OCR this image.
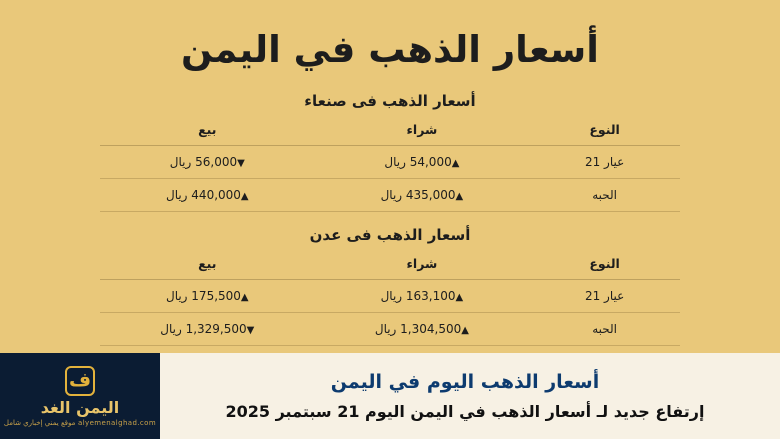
أسعار الذهب في اليمن
أسعار الذهب فى صنعاء
النوع	شراء	بيع
عيار 21	▲54,000 ريال	▼56,000 ريال
الحبه	▲435,000 ريال	▲440,000 ريال
أسعار الذهب فى عدن
النوع	شراء	بيع
عيار 21	▲163,100 ريال	▲175,500 ريال
الحبه	▲1,304,500 ريال	▼1,329,500 ريال
أسعار الذهب اليوم في اليمن
إرتفاع جديد لـ أسعار الذهب في اليمن اليوم 21 سبتمبر 2025
ف
اليمن الغد
alyemenalghad.com موقع يمني إخباري شامل
